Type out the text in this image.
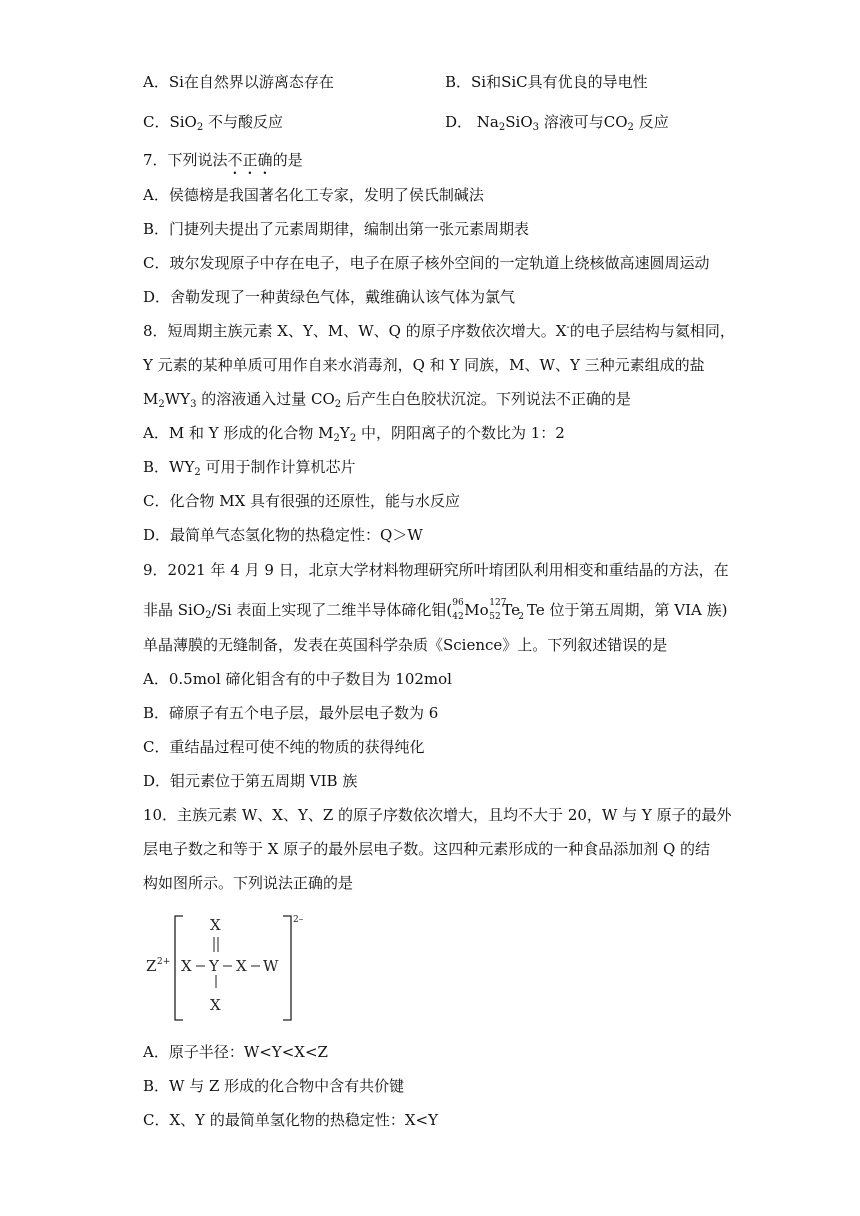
A．Si在自然界以游离态存在	B．Si和SiC具有优良的导电性
C．SiO$_2$ 不与酸反应	D． $Na_2SiO_3$ 溶液可与$CO_2$ 反应
7．下列说法不正确的是
A．侯德榜是我国著名化工专家，发明了侯氏制碱法
B．门捷列夫提出了元素周期律，编制出第一张元素周期表
C．玻尔发现原子中存在电子，电子在原子核外空间的一定轨道上绕核做高速圆周运动
D．舍勒发现了一种黄绿色气体，戴维确认该气体为氯气
8．短周期主族元素 X、Y、M、W、Q 的原子序数依次增大。X-的电子层结构与氦相同，
Y 元素的某种单质可用作自来水消毒剂，Q 和 Y 同族，M、W、Y 三种元素组成的盐
$M_2WY_3$ 的溶液通入过量 $CO_2$ 后产生白色胶状沉淀。下列说法不正确的是
A．M 和 Y 形成的化合物 $M_2Y_2$ 中，阴阳离子的个数比为 1：2
B．$WY_2$ 可用于制作计算机芯片
C．化合物 MX 具有很强的还原性，能与水反应
D．最简单气态氢化物的热稳定性：Q＞W
9．2021 年 4 月 9 日，北京大学材料物理研究所叶堉团队利用相变和重结晶的方法，在
非晶 SiO$_2$/Si 表面上实现了二维半导体碲化钼( 96
42 Mo 127
52 Te
2
Te 位于第五周期，第 VIA 族)
单晶薄膜的无缝制备，发表在英国科学杂质《Science》上。下列叙述错误的是
A．0.5mol 碲化钼含有的中子数目为 102mol
B．碲原子有五个电子层，最外层电子数为 6
C．重结晶过程可使不纯的物质的获得纯化
D．钼元素位于第五周期 VIB 族
10．主族元素 W、X、Y、Z 的原子序数依次增大，且均不大于 20，W 与 Y 原子的最外
层电子数之和等于 X 原子的最外层电子数。这四种元素形成的一种食品添加剂 Q 的结
构如图所示。下列说法正确的是
Z 2+
2–
X
X Y X W
X
A．原子半径：W<Y<X<Z
B．W 与 Z 形成的化合物中含有共价键
C．X、Y 的最简单氢化物的热稳定性：X<Y
